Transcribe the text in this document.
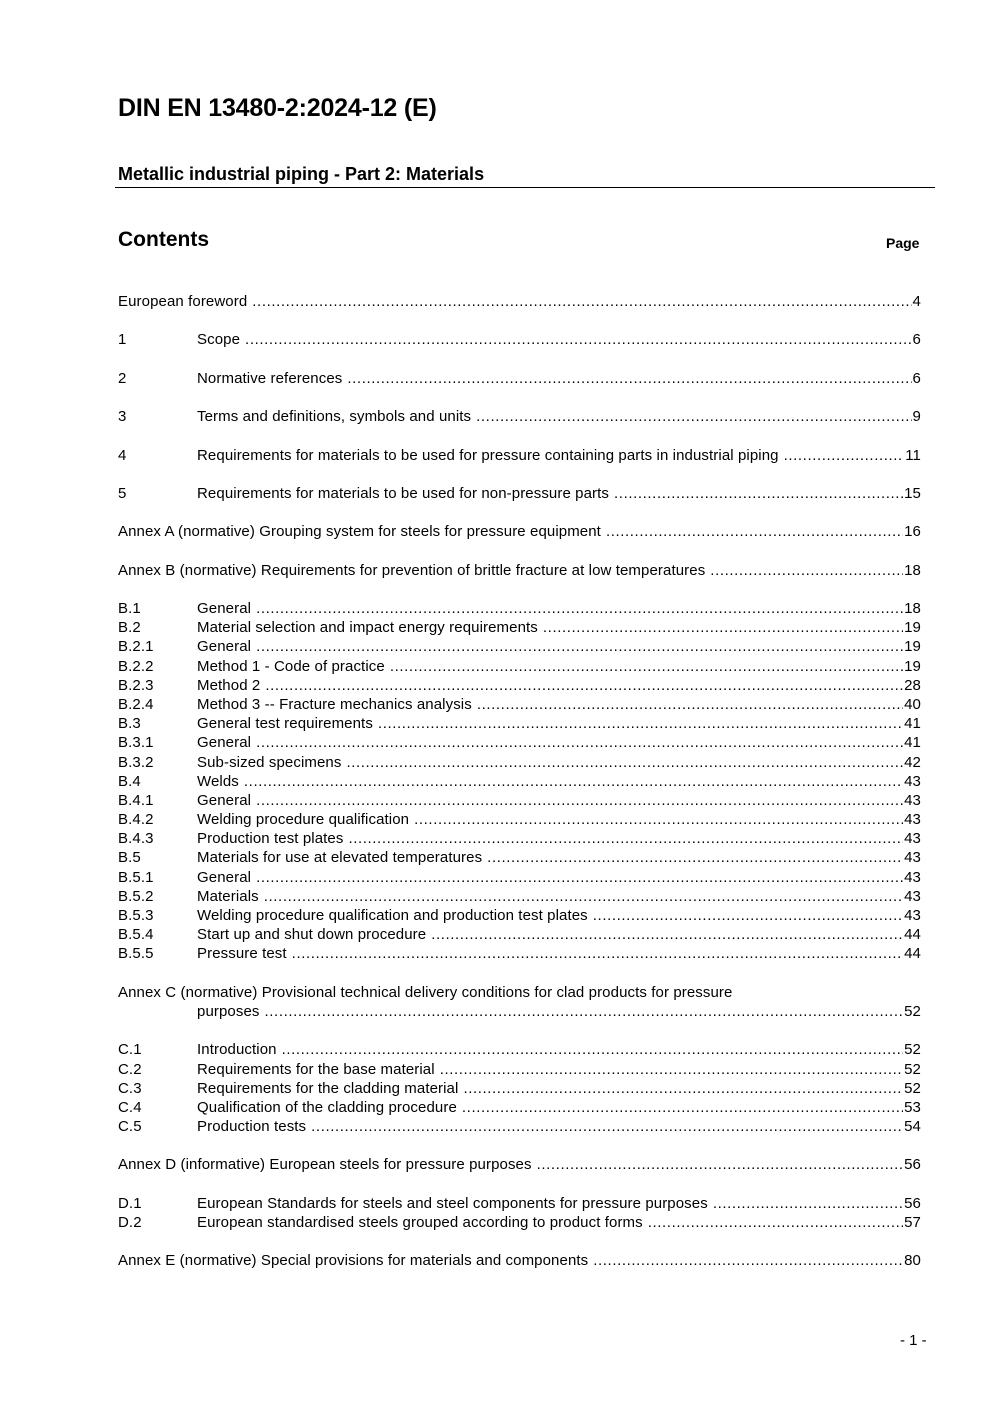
DIN EN 13480-2:2024-12 (E)
Metallic industrial piping - Part 2: Materials
Contents	Page
European foreword .....	4
1	Scope .....	6
2	Normative references .....	6
3	Terms and definitions, symbols and units .....	9
4	Requirements for materials to be used for pressure containing parts in industrial piping .....	11
5	Requirements for materials to be used for non-pressure parts .....	15
Annex A (normative) Grouping system for steels for pressure equipment .....	16
Annex B (normative) Requirements for prevention of brittle fracture at low temperatures .....	18
B.1	General .....	18
B.2	Material selection and impact energy requirements .....	19
B.2.1	General .....	19
B.2.2	Method 1 - Code of practice .....	19
B.2.3	Method 2 .....	28
B.2.4	Method 3 -- Fracture mechanics analysis .....	40
B.3	General test requirements .....	41
B.3.1	General .....	41
B.3.2	Sub-sized specimens .....	42
B.4	Welds .....	43
B.4.1	General .....	43
B.4.2	Welding procedure qualification .....	43
B.4.3	Production test plates .....	43
B.5	Materials for use at elevated temperatures .....	43
B.5.1	General .....	43
B.5.2	Materials .....	43
B.5.3	Welding procedure qualification and production test plates .....	43
B.5.4	Start up and shut down procedure .....	44
B.5.5	Pressure test .....	44
Annex C (normative) Provisional technical delivery conditions for clad products for pressure
purposes .....	52
C.1	Introduction .....	52
C.2	Requirements for the base material .....	52
C.3	Requirements for the cladding material .....	52
C.4	Qualification of the cladding procedure .....	53
C.5	Production tests .....	54
Annex D (informative) European steels for pressure purposes .....	56
D.1	European Standards for steels and steel components for pressure purposes .....	56
D.2	European standardised steels grouped according to product forms .....	57
Annex E (normative) Special provisions for materials and components .....	80
- 1 -
